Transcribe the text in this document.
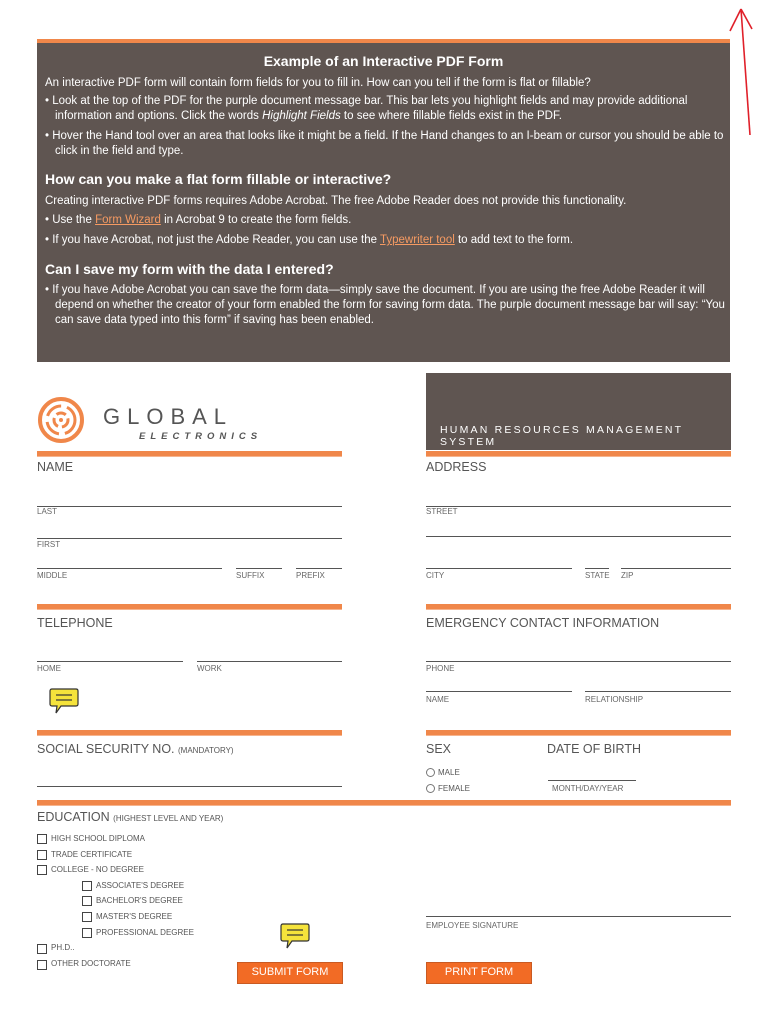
Example of an Interactive PDF Form
An interactive PDF form will contain form fields for you to fill in. How can you tell if the form is flat or fillable?
• Look at the top of the PDF for the purple document message bar. This bar lets you highlight fields and may provide additional information and options. Click the words Highlight Fields to see where fillable fields exist in the PDF.
• Hover the Hand tool over an area that looks like it might be a field. If the Hand changes to an I-beam or cursor you should be able to click in the field and type.
How can you make a flat form fillable or interactive?
Creating interactive PDF forms requires Adobe Acrobat. The free Adobe Reader does not provide this functionality.
• Use the Form Wizard in Acrobat 9 to create the form fields.
• If you have Acrobat, not just the Adobe Reader, you can use the Typewriter tool to add text to the form.
Can I save my form with the data I entered?
• If you have Adobe Acrobat you can save the form data—simply save the document. If you are using the free Adobe Reader it will depend on whether the creator of your form enabled the form for saving form data. The purple document message bar will say: “You can save data typed into this form” if saving has been enabled.
GLOBAL
ELECTRONICS
HUMAN RESOURCES MANAGEMENT SYSTEM
NAME
LAST
FIRST
MIDDLE	SUFFIX	PREFIX
ADDRESS
STREET
CITY	STATE ZIP
TELEPHONE
HOME	WORK
EMERGENCY CONTACT INFORMATION
PHONE
NAME	RELATIONSHIP
SOCIAL SECURITY NO. (MANDATORY)	SEX
MALE
FEMALE
DATE OF BIRTH
MONTH/DAY/YEAR
EDUCATION (HIGHEST LEVEL AND YEAR)
HIGH SCHOOL DIPLOMA
TRADE CERTIFICATE
COLLEGE - NO DEGREE
ASSOCIATE'S DEGREE
BACHELOR'S DEGREE
MASTER'S DEGREE
PROFESSIONAL DEGREE
PH.D..
OTHER DOCTORATE
EMPLOYEE SIGNATURE
SUBMIT FORM	PRINT FORM
